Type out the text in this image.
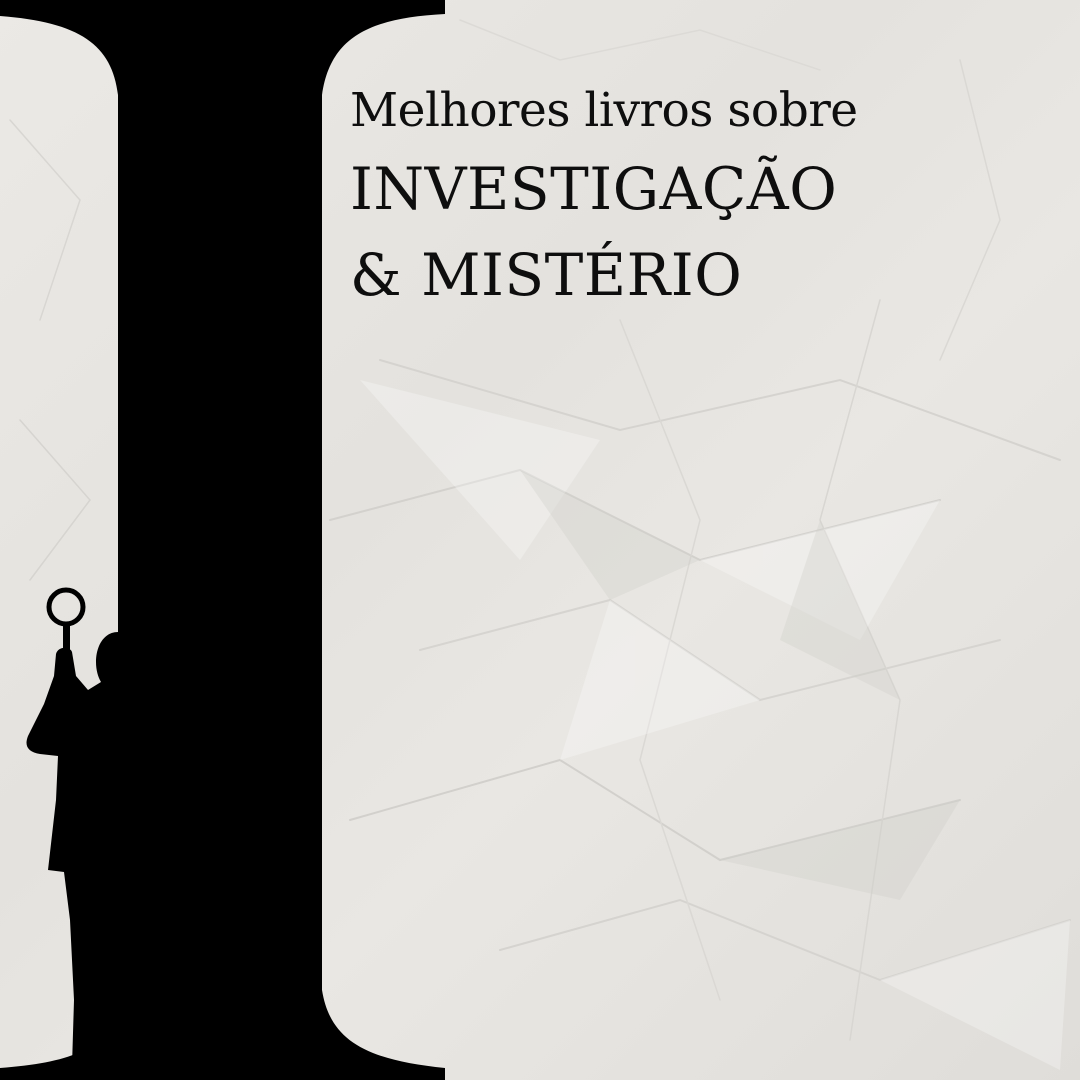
Melhores livros sobre
INVESTIGAÇÃO
& MISTÉRIO
